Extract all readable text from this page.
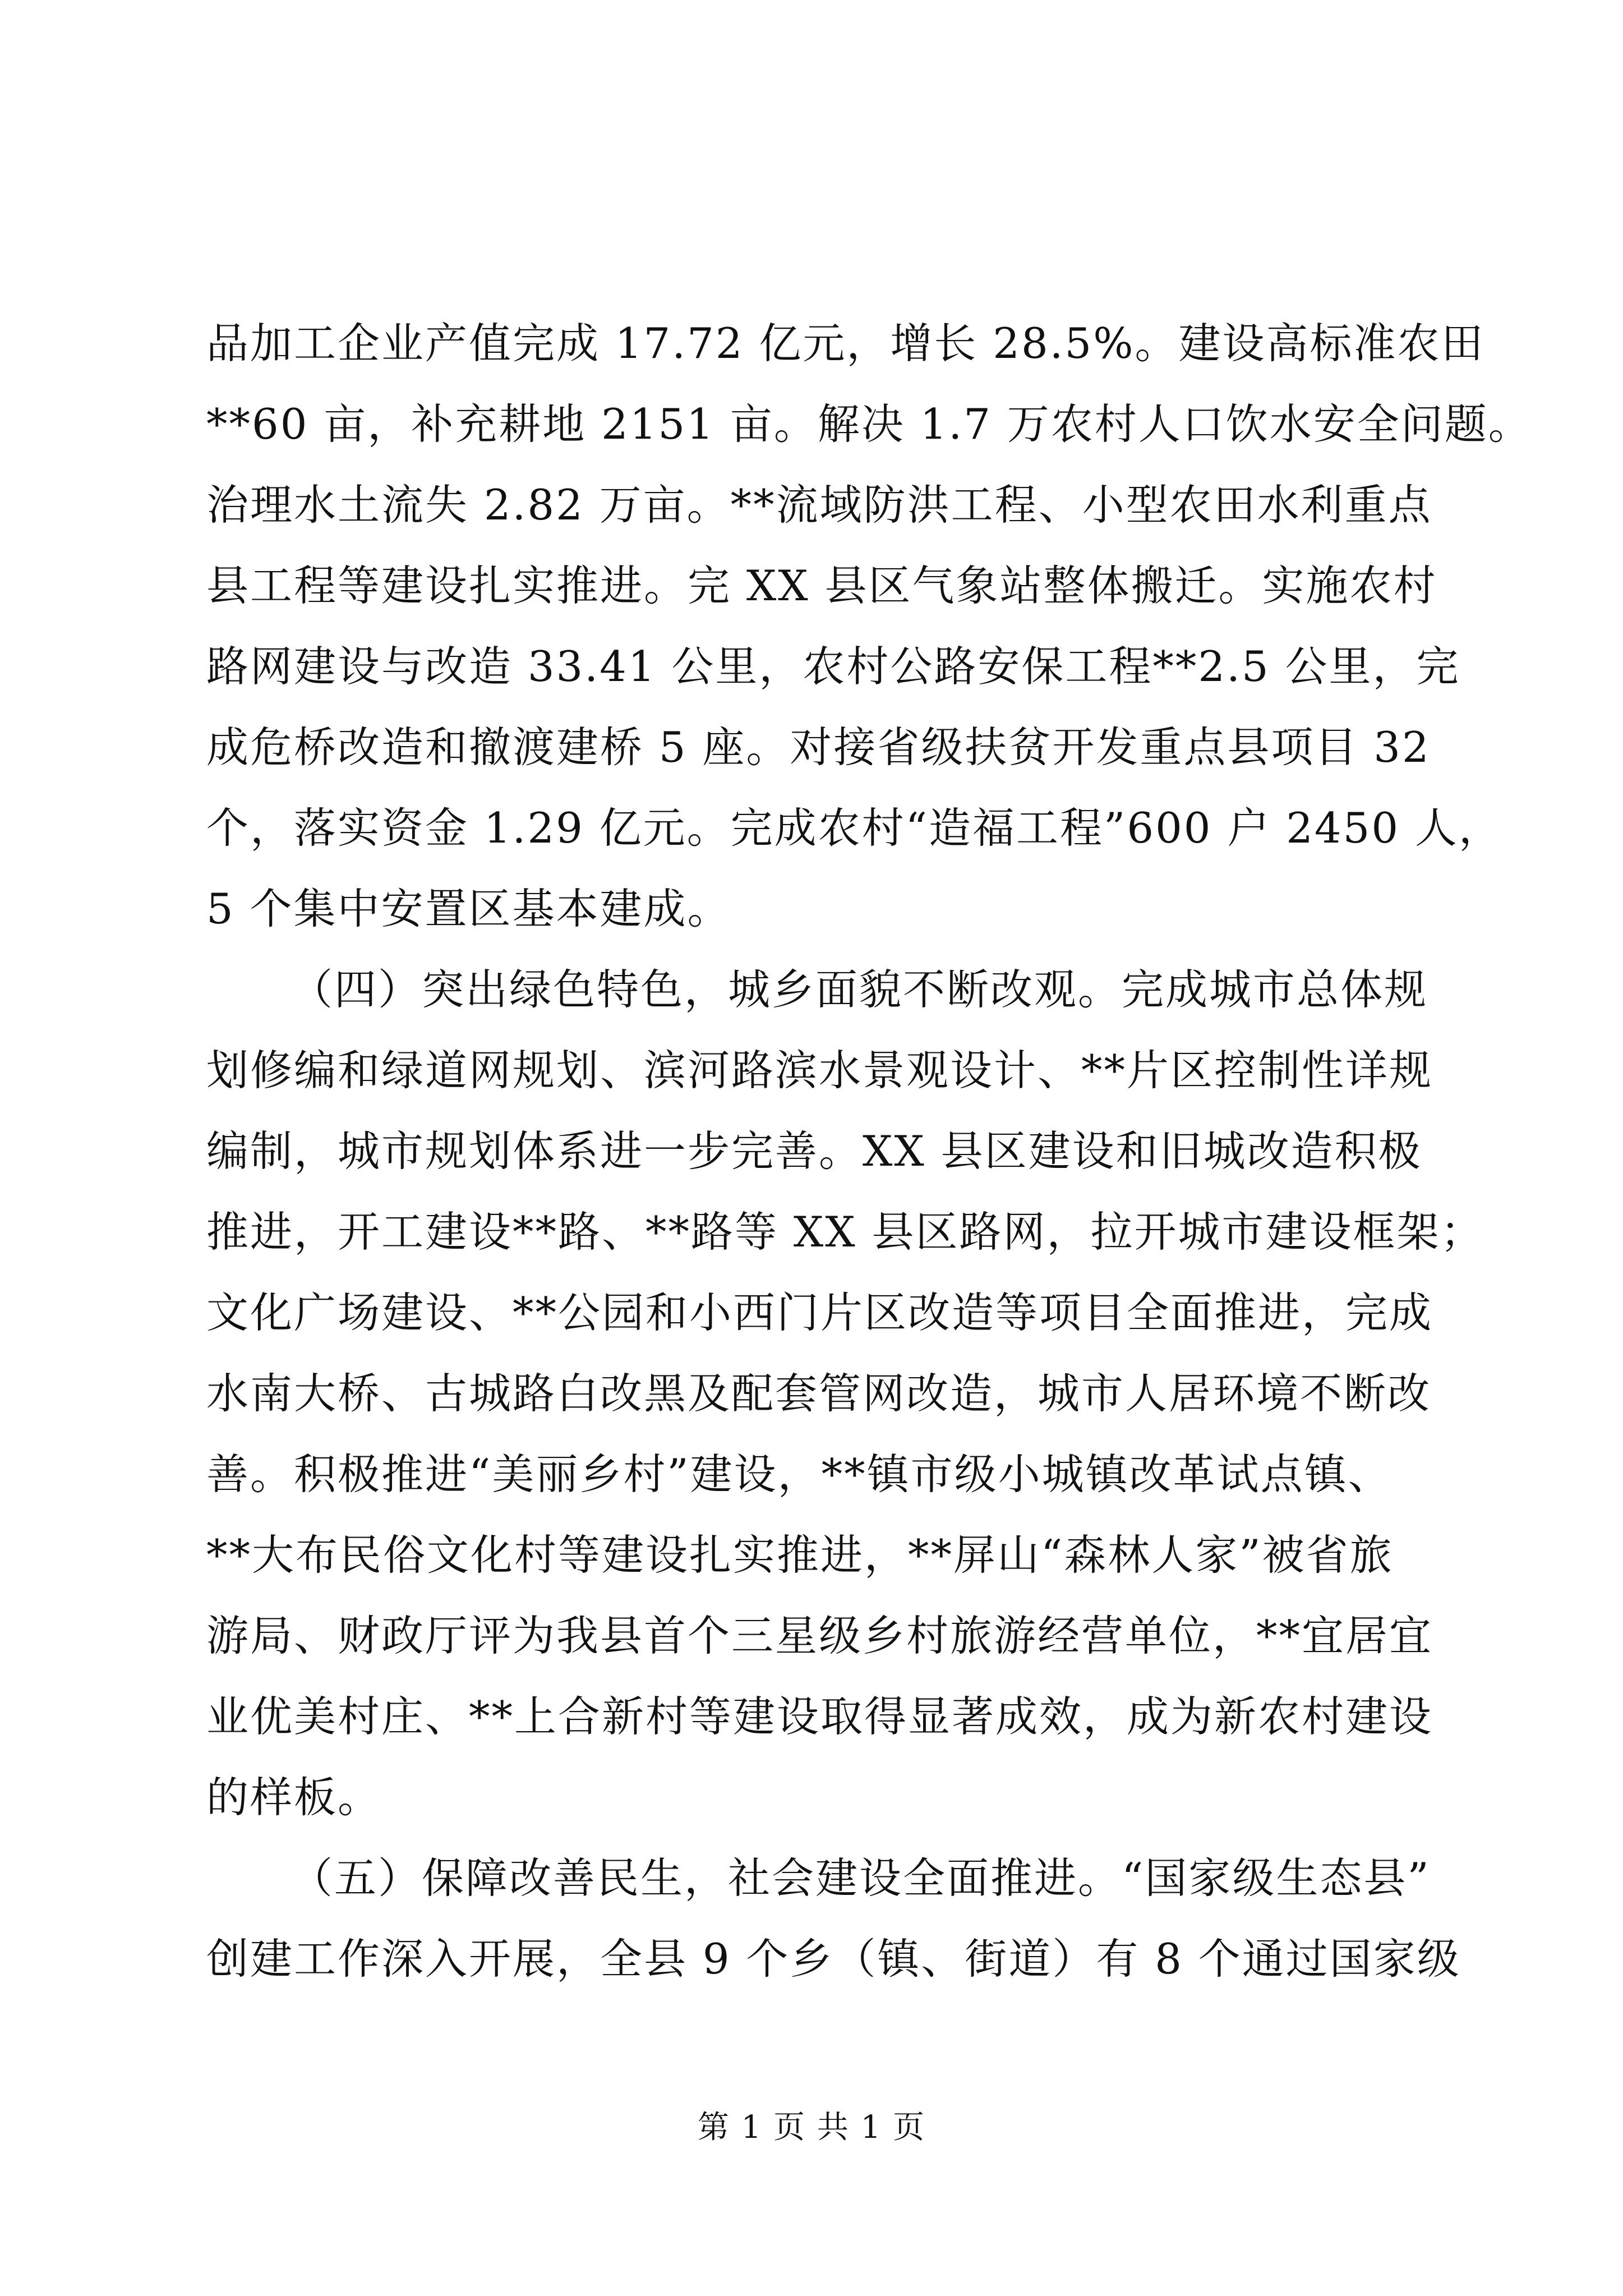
品加工企业产值完成 17.72 亿元，增长 28.5%。建设高标准农田
**60 亩，补充耕地 2151 亩。解决 1.7 万农村人口饮水安全问题。
治理水土流失 2.82 万亩。**流域防洪工程、小型农田水利重点
县工程等建设扎实推进。完 XX 县区气象站整体搬迁。实施农村
路网建设与改造 33.41 公里，农村公路安保工程**2.5 公里，完
成危桥改造和撤渡建桥 5 座。对接省级扶贫开发重点县项目 32
个，落实资金 1.29 亿元。完成农村“造福工程”600 户 2450 人，
5 个集中安置区基本建成。
（四）突出绿色特色，城乡面貌不断改观。完成城市总体规
划修编和绿道网规划、滨河路滨水景观设计、**片区控制性详规
编制，城市规划体系进一步完善。XX 县区建设和旧城改造积极
推进，开工建设**路、**路等 XX 县区路网，拉开城市建设框架；
文化广场建设、**公园和小西门片区改造等项目全面推进，完成
水南大桥、古城路白改黑及配套管网改造，城市人居环境不断改
善。积极推进“美丽乡村”建设，**镇市级小城镇改革试点镇、
**大布民俗文化村等建设扎实推进，**屏山“森林人家”被省旅
游局、财政厅评为我县首个三星级乡村旅游经营单位，**宜居宜
业优美村庄、**上合新村等建设取得显著成效，成为新农村建设
的样板。
（五）保障改善民生，社会建设全面推进。“国家级生态县”
创建工作深入开展，全县 9 个乡（镇、街道）有 8 个通过国家级
第 1 页 共 1 页
